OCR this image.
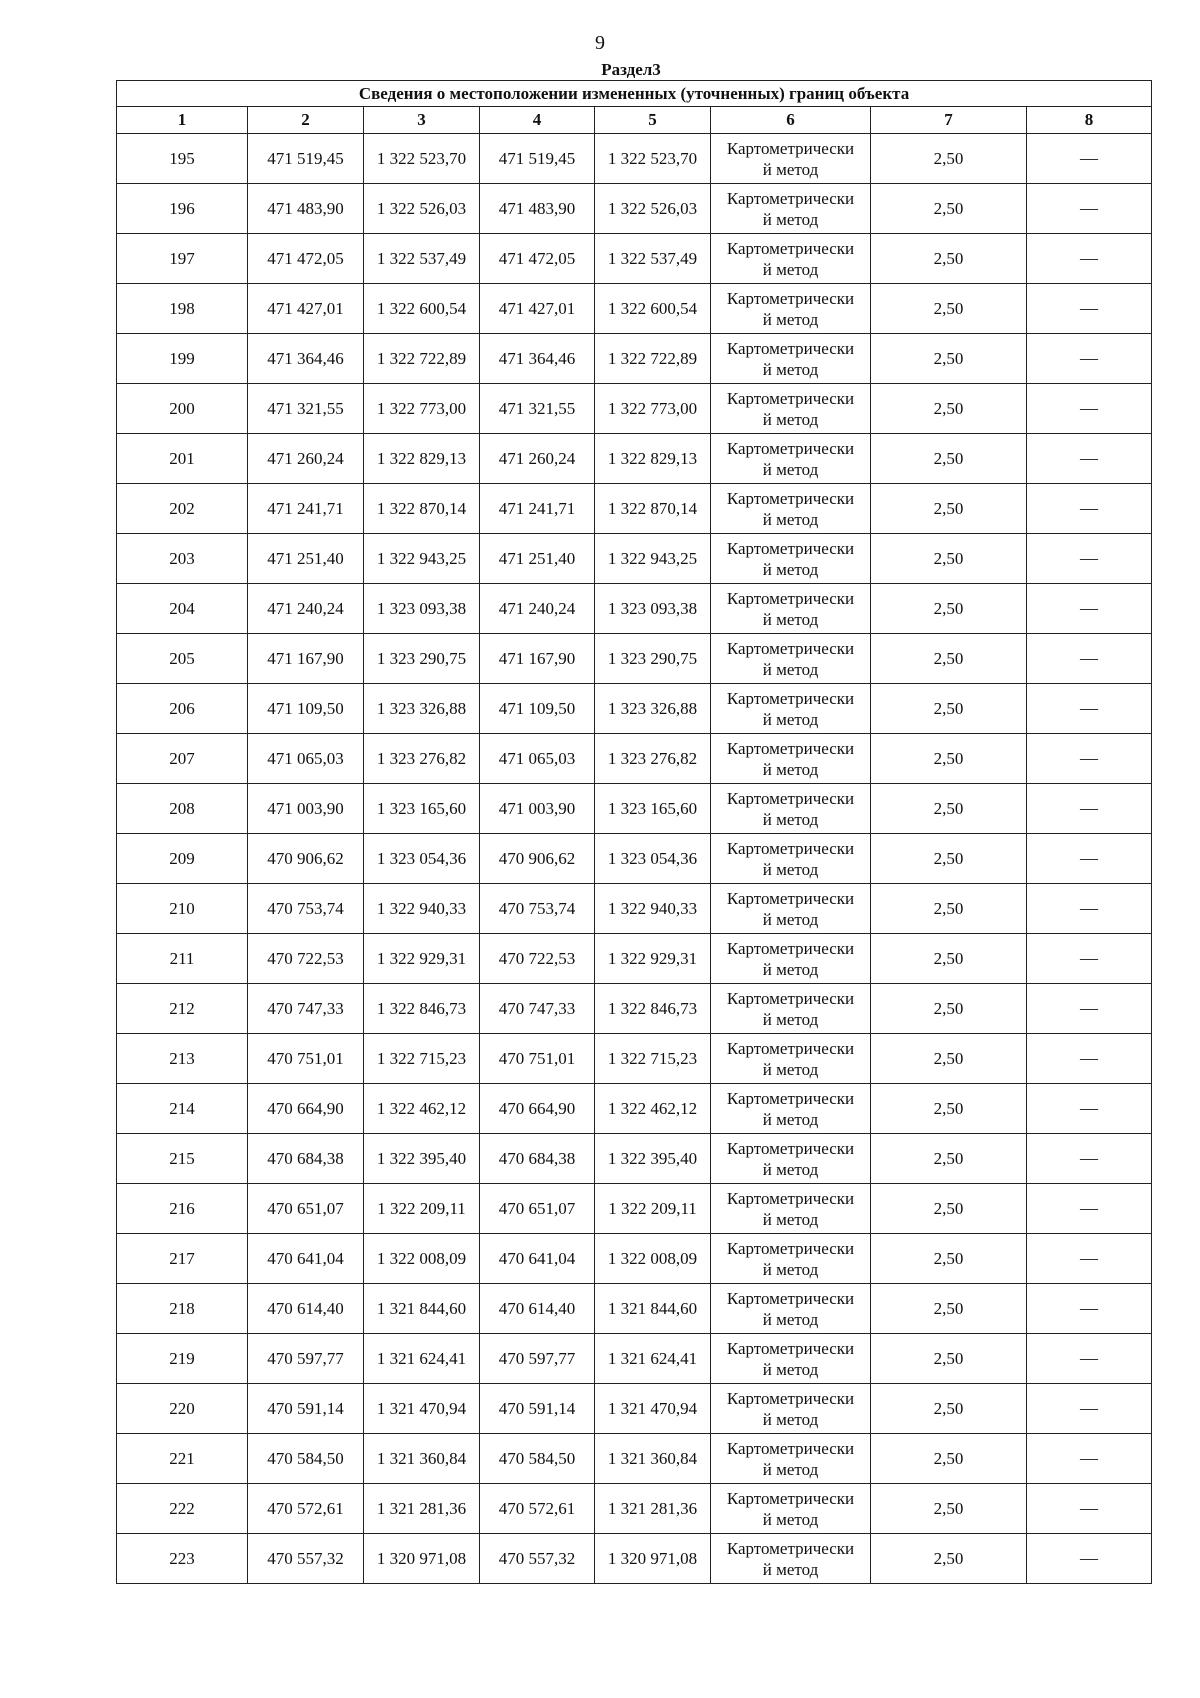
9
Раздел3
Сведения о местоположении измененных (уточненных) границ объекта							
1	2	3	4	5	6	7	8
195	471 519,45	1 322 523,70	471 519,45	1 322 523,70	Картометрически
й метод	2,50	—
196	471 483,90	1 322 526,03	471 483,90	1 322 526,03	Картометрически
й метод	2,50	—
197	471 472,05	1 322 537,49	471 472,05	1 322 537,49	Картометрически
й метод	2,50	—
198	471 427,01	1 322 600,54	471 427,01	1 322 600,54	Картометрически
й метод	2,50	—
199	471 364,46	1 322 722,89	471 364,46	1 322 722,89	Картометрически
й метод	2,50	—
200	471 321,55	1 322 773,00	471 321,55	1 322 773,00	Картометрически
й метод	2,50	—
201	471 260,24	1 322 829,13	471 260,24	1 322 829,13	Картометрически
й метод	2,50	—
202	471 241,71	1 322 870,14	471 241,71	1 322 870,14	Картометрически
й метод	2,50	—
203	471 251,40	1 322 943,25	471 251,40	1 322 943,25	Картометрически
й метод	2,50	—
204	471 240,24	1 323 093,38	471 240,24	1 323 093,38	Картометрически
й метод	2,50	—
205	471 167,90	1 323 290,75	471 167,90	1 323 290,75	Картометрически
й метод	2,50	—
206	471 109,50	1 323 326,88	471 109,50	1 323 326,88	Картометрически
й метод	2,50	—
207	471 065,03	1 323 276,82	471 065,03	1 323 276,82	Картометрически
й метод	2,50	—
208	471 003,90	1 323 165,60	471 003,90	1 323 165,60	Картометрически
й метод	2,50	—
209	470 906,62	1 323 054,36	470 906,62	1 323 054,36	Картометрически
й метод	2,50	—
210	470 753,74	1 322 940,33	470 753,74	1 322 940,33	Картометрически
й метод	2,50	—
211	470 722,53	1 322 929,31	470 722,53	1 322 929,31	Картометрически
й метод	2,50	—
212	470 747,33	1 322 846,73	470 747,33	1 322 846,73	Картометрически
й метод	2,50	—
213	470 751,01	1 322 715,23	470 751,01	1 322 715,23	Картометрически
й метод	2,50	—
214	470 664,90	1 322 462,12	470 664,90	1 322 462,12	Картометрически
й метод	2,50	—
215	470 684,38	1 322 395,40	470 684,38	1 322 395,40	Картометрически
й метод	2,50	—
216	470 651,07	1 322 209,11	470 651,07	1 322 209,11	Картометрически
й метод	2,50	—
217	470 641,04	1 322 008,09	470 641,04	1 322 008,09	Картометрически
й метод	2,50	—
218	470 614,40	1 321 844,60	470 614,40	1 321 844,60	Картометрически
й метод	2,50	—
219	470 597,77	1 321 624,41	470 597,77	1 321 624,41	Картометрически
й метод	2,50	—
220	470 591,14	1 321 470,94	470 591,14	1 321 470,94	Картометрически
й метод	2,50	—
221	470 584,50	1 321 360,84	470 584,50	1 321 360,84	Картометрически
й метод	2,50	—
222	470 572,61	1 321 281,36	470 572,61	1 321 281,36	Картометрически
й метод	2,50	—
223	470 557,32	1 320 971,08	470 557,32	1 320 971,08	Картометрически
й метод	2,50	—
